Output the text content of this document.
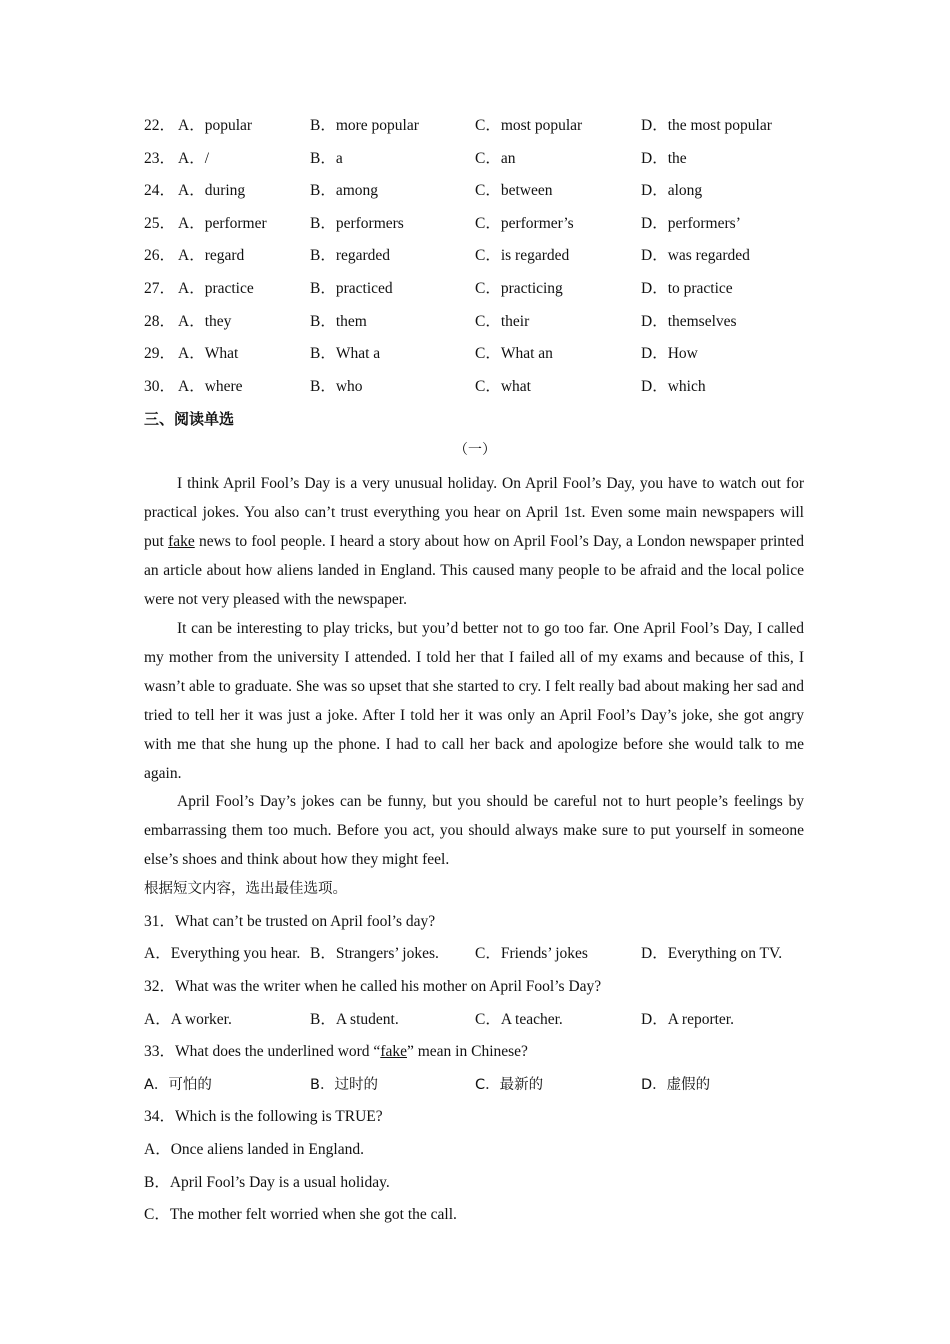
22． A．popular	B．more popular	C．most popular	D．the most popular
23． A．/	B．a	C．an	D．the
24． A．during	B．among	C．between	D．along
25． A．performer	B．performers	C．performer’s	D．performers’
26． A．regard	B．regarded	C．is regarded	D．was regarded
27． A．practice	B．practiced	C．practicing	D．to practice
28． A．they	B．them	C．their	D．themselves
29． A．What	B．What a	C．What an	D．How
30． A．where	B．who	C．what	D．which
三、阅读单选
（一）
I think April Fool’s Day is a very unusual holiday. On April Fool’s Day, you have to watch out for practical jokes. You also can’t trust everything you hear on April 1st. Even some main newspapers will put fake news to fool people. I heard a story about how on April Fool’s Day, a London newspaper printed an article about how aliens landed in England. This caused many people to be afraid and the local police were not very pleased with the newspaper.
It can be interesting to play tricks, but you’d better not to go too far. One April Fool’s Day, I called my mother from the university I attended. I told her that I failed all of my exams and because of this, I wasn’t able to graduate. She was so upset that she started to cry. I felt really bad about making her sad and tried to tell her it was just a joke. After I told her it was only an April Fool’s Day’s joke, she got angry with me that she hung up the phone. I had to call her back and apologize before she would talk to me again.
April Fool’s Day’s jokes can be funny, but you should be careful not to hurt people’s feelings by embarrassing them too much. Before you act, you should always make sure to put yourself in someone else’s shoes and think about how they might feel.
根据短文内容，选出最佳选项。
31．What can’t be trusted on April fool’s day?
A．Everything you hear. B．Strangers’ jokes. C．Friends’ jokes	D．Everything on TV.
32．What was the writer when he called his mother on April Fool’s Day?
A．A worker.	B．A student.	C．A teacher.	D．A reporter.
33．What does the underlined word “fake” mean in Chinese?
A．可怕的	B．过时的	C．最新的	D．虚假的
34．Which is the following is TRUE?
A．Once aliens landed in England.
B．April Fool’s Day is a usual holiday.
C．The mother felt worried when she got the call.
